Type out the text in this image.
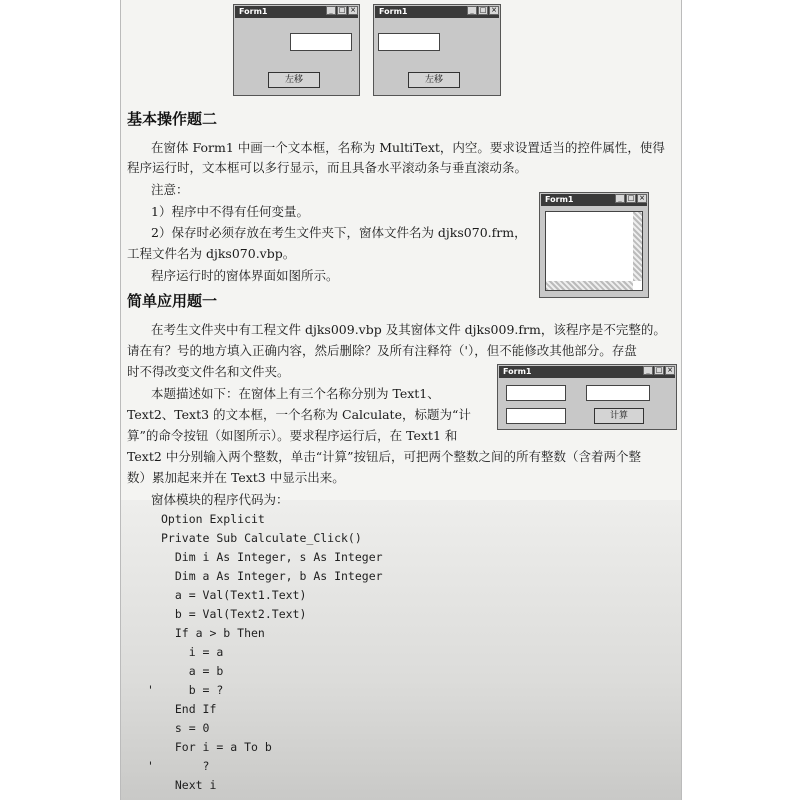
Form1	_ □ ×
左移
Form1	_ □ ×
左移
基本操作题二
在窗体 Form1 中画一个文本框，名称为 MultiText，内空。要求设置适当的控件属性，使得
程序运行时，文本框可以多行显示，而且具备水平滚动条与垂直滚动条。
注意：
1）程序中不得有任何变量。
2）保存时必须存放在考生文件夹下，窗体文件名为 djks070.frm，
工程文件名为 djks070.vbp。
程序运行时的窗体界面如图所示。
Form1	_ □ ×
简单应用题一
在考生文件夹中有工程文件 djks009.vbp 及其窗体文件 djks009.frm，该程序是不完整的。
请在有？号的地方填入正确内容，然后删除？及所有注释符（'），但不能修改其他部分。存盘
时不得改变文件名和文件夹。
本题描述如下：在窗体上有三个名称分别为 Text1、
Text2、Text3 的文本框，一个名称为 Calculate，标题为“计
算”的命令按钮（如图所示）。要求程序运行后，在 Text1 和
Text2 中分别输入两个整数，单击“计算”按钮后，可把两个整数之间的所有整数（含着两个整
数）累加起来并在 Text3 中显示出来。
窗体模块的程序代码为：
Form1	_ □ ×
计算
Option Explicit
Private Sub Calculate_Click()
Dim i As Integer, s As Integer
Dim a As Integer, b As Integer
a = Val(Text1.Text)
b = Val(Text2.Text)
If a > b Then
i = a
a = b
' b = ?
End If
s = 0
For i = a To b
' ?
Next i
